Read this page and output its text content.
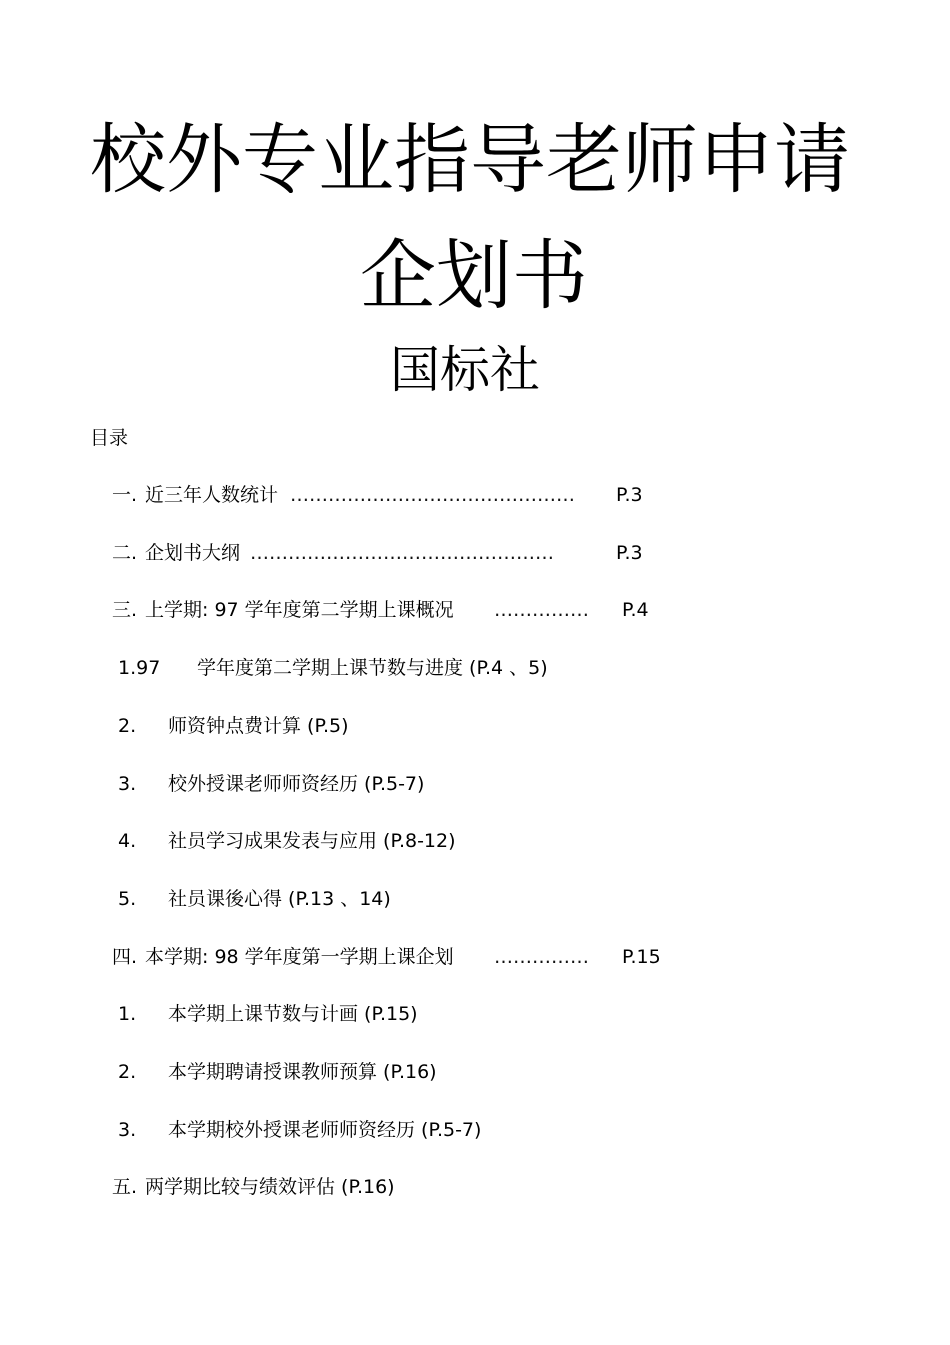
校外专业指导老师申请
企划书
国标社
目录
一. 近三年人数统计 ……………………………………… P.3
二. 企划书大纲 …………………………………………	P.3
三. 上学期: 97 学年度第二学期上课概况 …………… P.4
1.97 学年度第二学期上课节数与进度 (P.4 、5)
2. 师资钟点费计算 (P.5)
3. 校外授课老师师资经历 (P.5-7)
4. 社员学习成果发表与应用 (P.8-12)
5. 社员课後心得 (P.13 、14)
四. 本学期: 98 学年度第一学期上课企划 …………… P.15
1. 本学期上课节数与计画 (P.15)
2. 本学期聘请授课教师预算 (P.16)
3. 本学期校外授课老师师资经历 (P.5-7)
五. 两学期比较与绩效评估 (P.16)
